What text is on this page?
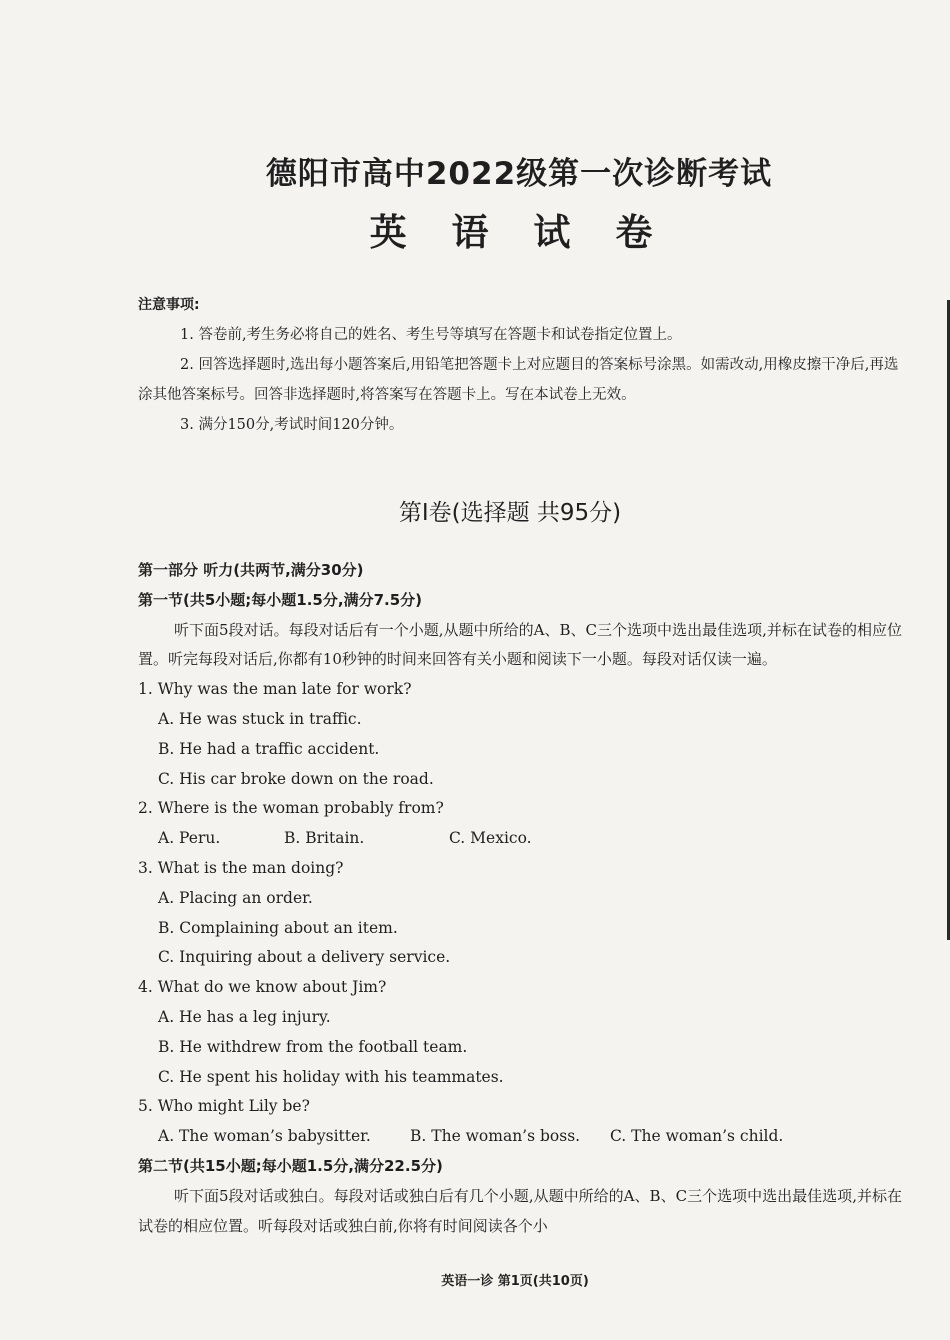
德阳市高中2022级第一次诊断考试
英 语 试 卷
注意事项:
1. 答卷前,考生务必将自己的姓名、考生号等填写在答题卡和试卷指定位置上。
2. 回答选择题时,选出每小题答案后,用铅笔把答题卡上对应题目的答案标号涂黑。如需改动,用橡皮擦干净后,再选涂其他答案标号。回答非选择题时,将答案写在答题卡上。写在本试卷上无效。
3. 满分150分,考试时间120分钟。
第Ⅰ卷(选择题 共95分)
第一部分 听力(共两节,满分30分)
第一节(共5小题;每小题1.5分,满分7.5分)
听下面5段对话。每段对话后有一个小题,从题中所给的A、B、C三个选项中选出最佳选项,并标在试卷的相应位置。听完每段对话后,你都有10秒钟的时间来回答有关小题和阅读下一小题。每段对话仅读一遍。
1. Why was the man late for work?
A. He was stuck in traffic.
B. He had a traffic accident.
C. His car broke down on the road.
2. Where is the woman probably from?
A. Peru.	B. Britain.	C. Mexico.
3. What is the man doing?
A. Placing an order.
B. Complaining about an item.
C. Inquiring about a delivery service.
4. What do we know about Jim?
A. He has a leg injury.
B. He withdrew from the football team.
C. He spent his holiday with his teammates.
5. Who might Lily be?
A. The woman’s babysitter.	B. The woman’s boss.	C. The woman’s child.
第二节(共15小题;每小题1.5分,满分22.5分)
听下面5段对话或独白。每段对话或独白后有几个小题,从题中所给的A、B、C三个选项中选出最佳选项,并标在试卷的相应位置。听每段对话或独白前,你将有时间阅读各个小
英语一诊 第1页(共10页)
